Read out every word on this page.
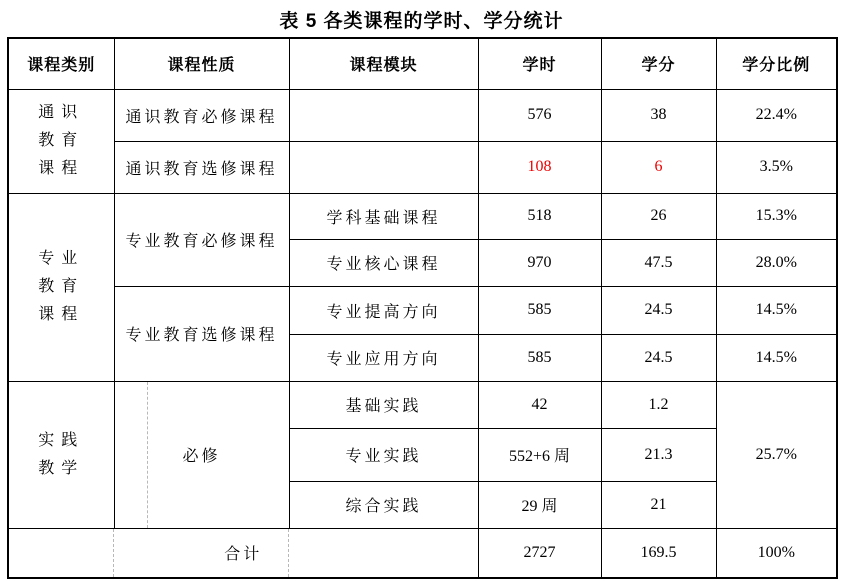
表 5 各类课程的学时、学分统计
课程类别	课程性质	课程模块	学时	学分	学分比例

通识
教育
课程	通识教育必修课程		576	38	22.4%
	通识教育选修课程		108	6	3.5%

专业
教育
课程	专业教育必修课程	学科基础课程	518	26	15.3%
		专业核心课程	970	47.5	28.0%
	专业教育选修课程	专业提高方向	585	24.5	14.5%
		专业应用方向	585	24.5	14.5%

实践
教学	必修	基础实践	42	1.2	25.7%
		专业实践	552+6 周	21.3	
		综合实践	29 周	21	

合计			2727	169.5	100%
